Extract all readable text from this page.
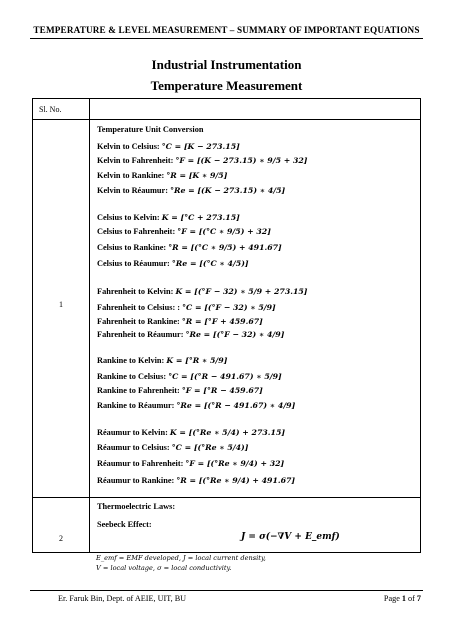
TEMPERATURE & LEVEL MEASUREMENT – SUMMARY OF IMPORTANT EQUATIONS
Industrial Instrumentation
Temperature Measurement
Sl. No.
1
2
Temperature Unit Conversion
Kelvin to Celsius: °C = [K − 273.15]
Kelvin to Fahrenheit: °F = [(K − 273.15) ∗ 9/5 + 32]
Kelvin to Rankine: °R = [K ∗ 9/5]
Kelvin to Réaumur: °Re = [(K − 273.15) ∗ 4/5]
Celsius to Kelvin: K = [°C + 273.15]
Celsius to Fahrenheit: °F = [(°C ∗ 9/5) + 32]
Celsius to Rankine: °R = [(°C ∗ 9/5) + 491.67]
Celsius to Réaumur: °Re = [(°C ∗ 4/5)]
Fahrenheit to Kelvin: K = [(°F − 32) ∗ 5/9 + 273.15]
Fahrenheit to Celsius: : °C = [(°F − 32) ∗ 5/9]
Fahrenheit to Rankine: °R = [°F + 459.67]
Fahrenheit to Réaumur: °Re = [(°F − 32) ∗ 4/9]
Rankine to Kelvin: K = [°R ∗ 5/9]
Rankine to Celsius: °C = [(°R − 491.67) ∗ 5/9]
Rankine to Fahrenheit: °F = [°R − 459.67]
Rankine to Réaumur: °Re = [(°R − 491.67) ∗ 4/9]
Réaumur to Kelvin: K = [(°Re ∗ 5/4) + 273.15]
Réaumur to Celsius: °C = [(°Re ∗ 5/4)]
Réaumur to Fahrenheit: °F = [(°Re ∗ 9/4) + 32]
Réaumur to Rankine: °R = [(°Re ∗ 9/4) + 491.67]
Thermoelectric Laws:
Seebeck Effect:
J = σ(−∇V + E_emf)
E_emf = EMF developed, J = local current density,
V = local voltage, σ = local conductivity.
Er. Faruk Bin, Dept. of AEIE, UIT, BU	Page 1 of 7
